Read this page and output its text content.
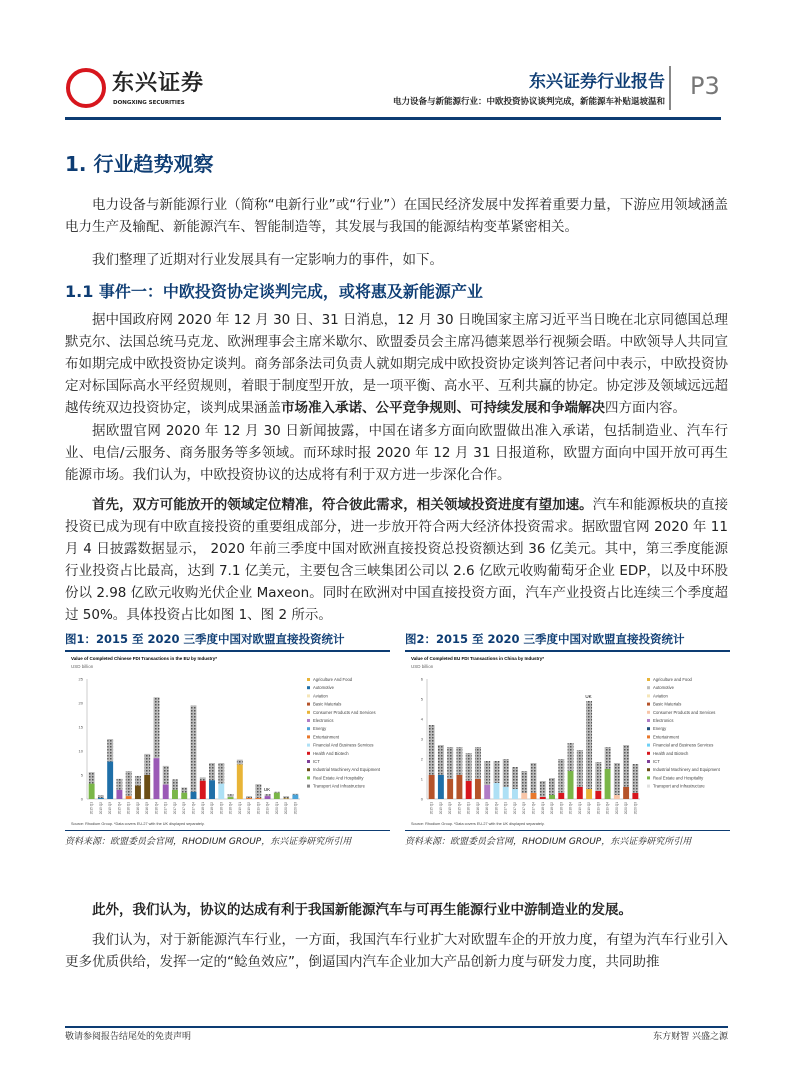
东兴证券
DONGXING SECURITIES
东兴证券行业报告
电力设备与新能源行业：中欧投资协议谈判完成，新能源车补贴退坡温和
P3
1. 行业趋势观察
电力设备与新能源行业（简称“电新行业”或“行业”）在国民经济发展中发挥着重要力量，下游应用领域涵盖电力生产及输配、新能源汽车、智能制造等，其发展与我国的能源结构变革紧密相关。
我们整理了近期对行业发展具有一定影响力的事件，如下。
1.1 事件一：中欧投资协定谈判完成，或将惠及新能源产业
据中国政府网 2020 年 12 月 30 日、31 日消息，12 月 30 日晚国家主席习近平当日晚在北京同德国总理默克尔、法国总统马克龙、欧洲理事会主席米歇尔、欧盟委员会主席冯德莱恩举行视频会晤。中欧领导人共同宣布如期完成中欧投资协定谈判。商务部条法司负责人就如期完成中欧投资协定谈判答记者问中表示，中欧投资协定对标国际高水平经贸规则，着眼于制度型开放，是一项平衡、高水平、互利共赢的协定。协定涉及领域远远超越传统双边投资协定，谈判成果涵盖市场准入承诺、公平竞争规则、可持续发展和争端解决四方面内容。
据欧盟官网 2020 年 12 月 30 日新闻披露，中国在诸多方面向欧盟做出准入承诺，包括制造业、汽车行业、电信/云服务、商务服务等多领域。而环球时报 2020 年 12 月 31 日报道称，欧盟方面向中国开放可再生能源市场。我们认为，中欧投资协议的达成将有利于双方进一步深化合作。
首先，双方可能放开的领域定位精准，符合彼此需求，相关领域投资进度有望加速。汽车和能源板块的直接投资已成为现有中欧直接投资的重要组成部分，进一步放开符合两大经济体投资需求。据欧盟官网 2020 年 11 月 4 日披露数据显示， 2020 年前三季度中国对欧洲直接投资总投资额达到 36 亿美元。其中，第三季度能源行业投资占比最高，达到 7.1 亿美元，主要包含三峡集团公司以 2.6 亿欧元收购葡萄牙企业 EDP，以及中环股份以 2.98 亿欧元收购光伏企业 Maxeon。同时在欧洲对中国直接投资方面，汽车产业投资占比连续三个季度超过 50%。具体投资占比如图 1、图 2 所示。
图1：2015 至 2020 三季度中国对欧盟直接投资统计	图2：2015 至 2020 三季度中国对欧盟直接投资统计
Value of Completed Chinese FDI Transactions in the EU by Industry*
USD billion
0
5
10
15
20
25
2015 Q1 2015 Q2 2015 Q3 2015 Q4 2016 Q1 2016 Q2 2016 Q3 2016 Q4 2017 Q1 2017 Q2 2017 Q3 2017 Q4 2018 Q1 2018 Q2 2018 Q3 2018 Q4 2019 Q1 2019 Q2 2019 Q3 2019 Q4 2020 Q1 2020 Q2 2020 Q3
UK
Agriculture And Food
Automotive
Aviation
Basic Materials
Consumer Products And Services
Electronics
Energy
Entertainment
Financial And Business Services
Health And Biotech
ICT
Industrial Machinery And Equipment
Real Estate And Hospitality
Transport And Infrastructure
Source: Rhodium Group. *Data covers EU-27 with the UK displayed separately.
Value of Completed EU FDI Transactions in China by Industry*
USD billion
0
1
2
3
4
5
6
2015 Q1 2015 Q2 2015 Q3 2015 Q4 2016 Q1 2016 Q2 2016 Q3 2016 Q4 2017 Q1 2017 Q2 2017 Q3 2017 Q4 2018 Q1 2018 Q2 2018 Q3 2018 Q4 2019 Q1 2019 Q2 2019 Q3 2019 Q4 2020 Q1 2020 Q2 2020 Q3
UK
Agriculture and Food
Automotive
Aviation
Basic Materials
Consumer Products and Services
Electronics
Energy
Entertainment
Financial and Business Services
Health and Biotech
ICT
Industrial Machinery and Equipment
Real Estate and Hospitality
Transport and Infrastructure
Source: Rhodium Group. *Data covers EU-27 with the UK displayed separately.
资料来源：欧盟委员会官网，RHODIUM GROUP，东兴证券研究所引用	资料来源：欧盟委员会官网，RHODIUM GROUP，东兴证券研究所引用
此外，我们认为，协议的达成有利于我国新能源汽车与可再生能源行业中游制造业的发展。
我们认为，对于新能源汽车行业，一方面，我国汽车行业扩大对欧盟车企的开放力度，有望为汽车行业引入更多优质供给，发挥一定的“鲶鱼效应”，倒逼国内汽车企业加大产品创新力度与研发力度，共同助推
敬请参阅报告结尾处的免责声明	东方财智 兴盛之源
